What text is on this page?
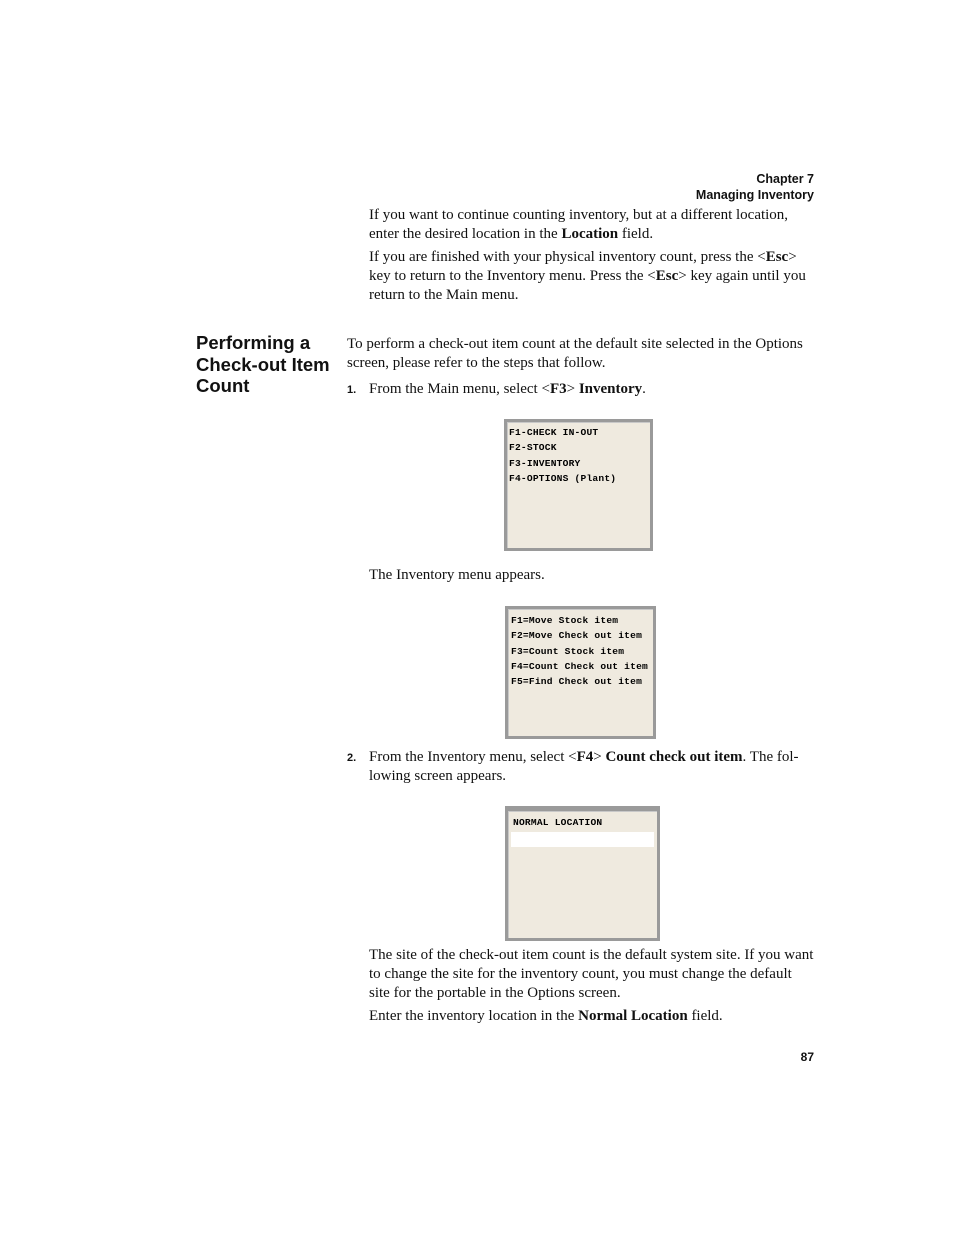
Chapter 7
Managing Inventory
If you want to continue counting inventory, but at a different location, enter the desired location in the Location field.
If you are finished with your physical inventory count, press the <Esc> key to return to the Inventory menu. Press the <Esc> key again until you return to the Main menu.
Performing a Check-out Item Count
To perform a check-out item count at the default site selected in the Options screen, please refer to the steps that follow.
1. From the Main menu, select <F3> Inventory.
F1-CHECK IN-OUT
F2-STOCK
F3-INVENTORY
F4-OPTIONS (Plant)
The Inventory menu appears.
F1=Move Stock item
F2=Move Check out item
F3=Count Stock item
F4=Count Check out item
F5=Find Check out item
2. From the Inventory menu, select <F4> Count check out item. The fol-lowing screen appears.
NORMAL LOCATION
The site of the check-out item count is the default system site. If you want to change the site for the inventory count, you must change the default site for the portable in the Options screen.
Enter the inventory location in the Normal Location field.
87
